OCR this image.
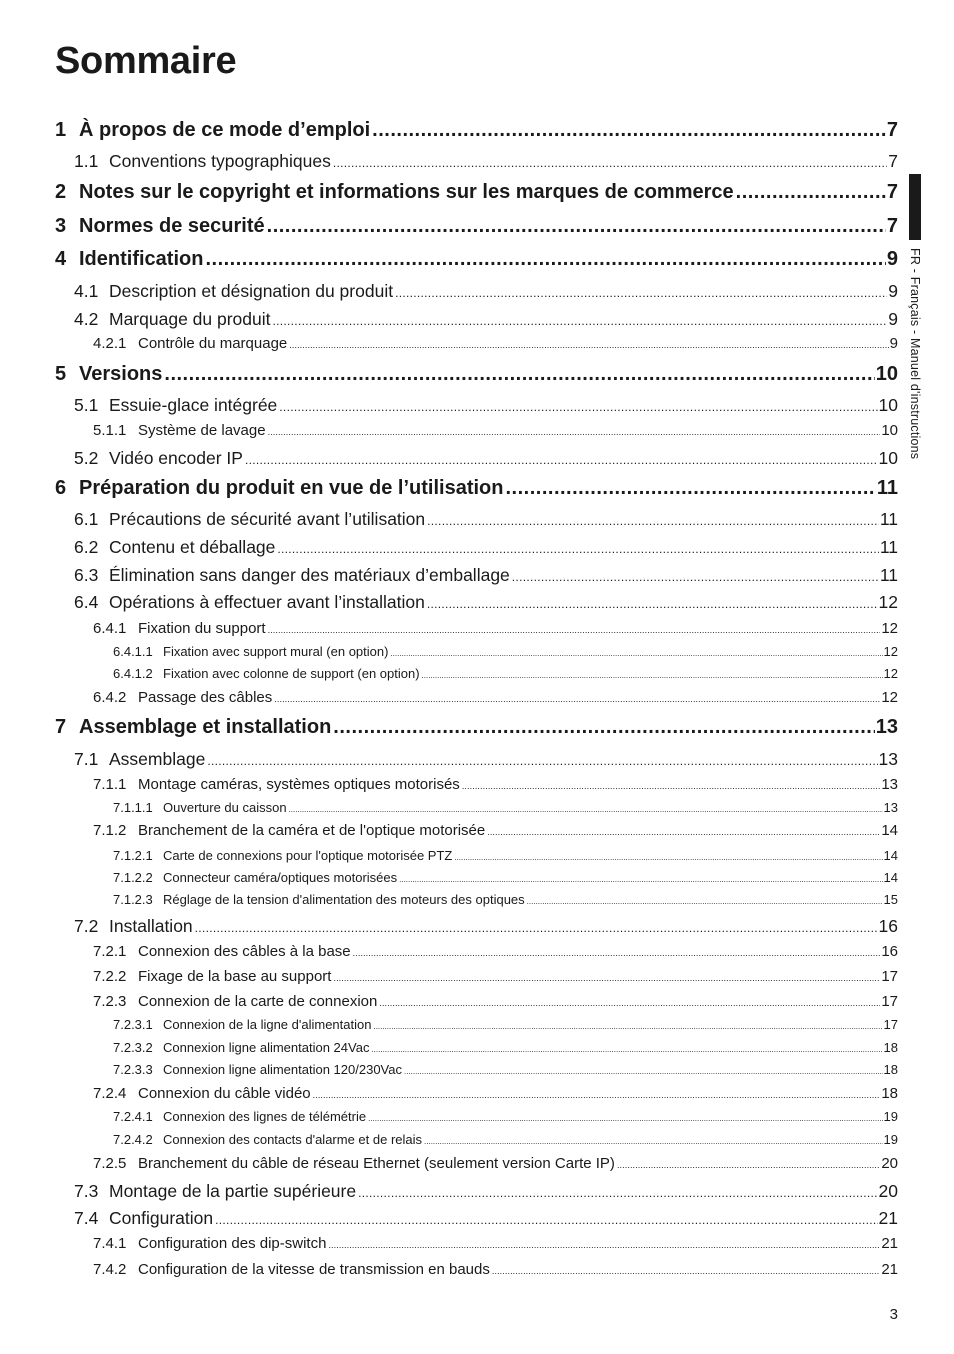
Sommaire
1 À propos de ce mode d’emploi .....	7
1.1 Conventions typographiques .....	7
2 Notes sur le copyright et informations sur les marques de commerce .....	7
3 Normes de securité .....	7
4 Identification .....	9
4.1 Description et désignation du produit .....	9
4.2 Marquage du produit .....	9
4.2.1 Contrôle du marquage .....	9
5 Versions .....	10
5.1 Essuie-glace intégrée .....	10
5.1.1 Système de lavage .....	10
5.2 Vidéo encoder IP .....	10
6 Préparation du produit en vue de l’utilisation .....	11
6.1 Précautions de sécurité avant l’utilisation .....	11
6.2 Contenu et déballage .....	11
6.3 Élimination sans danger des matériaux d’emballage .....	11
6.4 Opérations à effectuer avant l’installation .....	12
6.4.1 Fixation du support .....	12
6.4.1.1 Fixation avec support mural (en option) .....	12
6.4.1.2 Fixation avec colonne de support (en option) .....	12
6.4.2 Passage des câbles .....	12
7 Assemblage et installation .....	13
7.1 Assemblage .....	13
7.1.1 Montage caméras, systèmes optiques motorisés .....	13
7.1.1.1 Ouverture du caisson .....	13
7.1.2 Branchement de la caméra et de l'optique motorisée .....	14
7.1.2.1 Carte de connexions pour l'optique motorisée PTZ .....	14
7.1.2.2 Connecteur caméra/optiques motorisées .....	14
7.1.2.3 Réglage de la tension d'alimentation des moteurs des optiques .....	15
7.2 Installation .....	16
7.2.1 Connexion des câbles à la base .....	16
7.2.2 Fixage de la base au support .....	17
7.2.3 Connexion de la carte de connexion .....	17
7.2.3.1 Connexion de la ligne d'alimentation .....	17
7.2.3.2 Connexion ligne alimentation 24Vac .....	18
7.2.3.3 Connexion ligne alimentation 120/230Vac .....	18
7.2.4 Connexion du câble vidéo .....	18
7.2.4.1 Connexion des lignes de télémétrie .....	19
7.2.4.2 Connexion des contacts d'alarme et de relais .....	19
7.2.5 Branchement du câble de réseau Ethernet (seulement version Carte IP) .....	20
7.3 Montage de la partie supérieure .....	20
7.4 Configuration .....	21
7.4.1 Configuration des dip-switch .....	21
7.4.2 Configuration de la vitesse de transmission en bauds .....	21
FR - Français - Manuel d'instructions
3
